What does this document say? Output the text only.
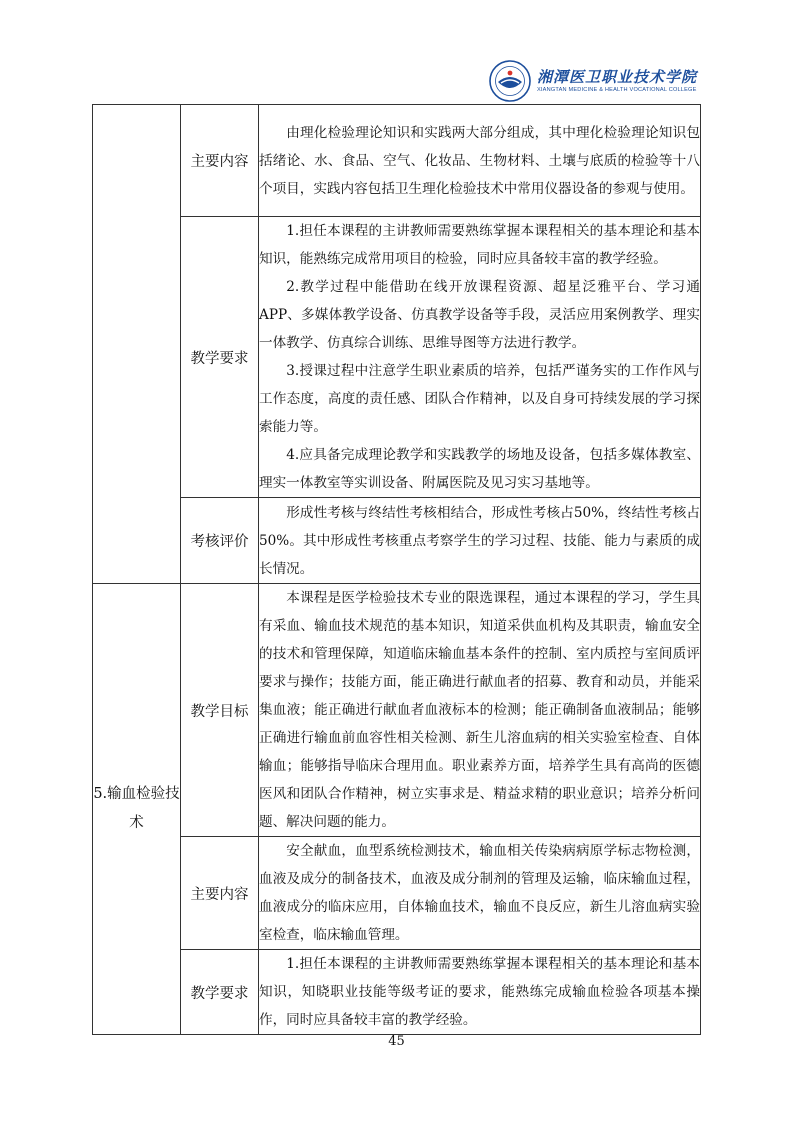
湘潭医卫职业技术学院
XIANGTAN MEDICINE & HEALTH VOCATIONAL COLLEGE
	主要内容	由理化检验理论知识和实践两大部分组成，其中理化检验理论知识包括绪论、水、食品、空气、化妆品、生物材料、土壤与底质的检验等十八个项目，实践内容包括卫生理化检验技术中常用仪器设备的参观与使用。

	教学要求	1.担任本课程的主讲教师需要熟练掌握本课程相关的基本理论和基本知识，能熟练完成常用项目的检验，同时应具备较丰富的教学经验。
2.教学过程中能借助在线开放课程资源、超星泛雅平台、学习通APP、多媒体教学设备、仿真教学设备等手段，灵活应用案例教学、理实一体教学、仿真综合训练、思维导图等方法进行教学。
3.授课过程中注意学生职业素质的培养，包括严谨务实的工作作风与工作态度，高度的责任感、团队合作精神，以及自身可持续发展的学习探索能力等。
4.应具备完成理论教学和实践教学的场地及设备，包括多媒体教室、理实一体教室等实训设备、附属医院及见习实习基地等。

	考核评价	形成性考核与终结性考核相结合，形成性考核占50%，终结性考核占50%。其中形成性考核重点考察学生的学习过程、技能、能力与素质的成长情况。

5.输血检验技术	教学目标	本课程是医学检验技术专业的限选课程，通过本课程的学习，学生具有采血、输血技术规范的基本知识，知道采供血机构及其职责，输血安全的技术和管理保障，知道临床输血基本条件的控制、室内质控与室间质评要求与操作；技能方面，能正确进行献血者的招募、教育和动员，并能采集血液；能正确进行献血者血液标本的检测；能正确制备血液制品；能够正确进行输血前血容性相关检测、新生儿溶血病的相关实验室检查、自体输血；能够指导临床合理用血。职业素养方面，培养学生具有高尚的医德医风和团队合作精神，树立实事求是、精益求精的职业意识；培养分析问题、解决问题的能力。

	主要内容	安全献血，血型系统检测技术，输血相关传染病病原学标志物检测，血液及成分的制备技术，血液及成分制剂的管理及运输，临床输血过程，血液成分的临床应用，自体输血技术，输血不良反应，新生儿溶血病实验室检查，临床输血管理。

	教学要求	1.担任本课程的主讲教师需要熟练掌握本课程相关的基本理论和基本知识，知晓职业技能等级考证的要求，能熟练完成输血检验各项基本操作，同时应具备较丰富的教学经验。
45
